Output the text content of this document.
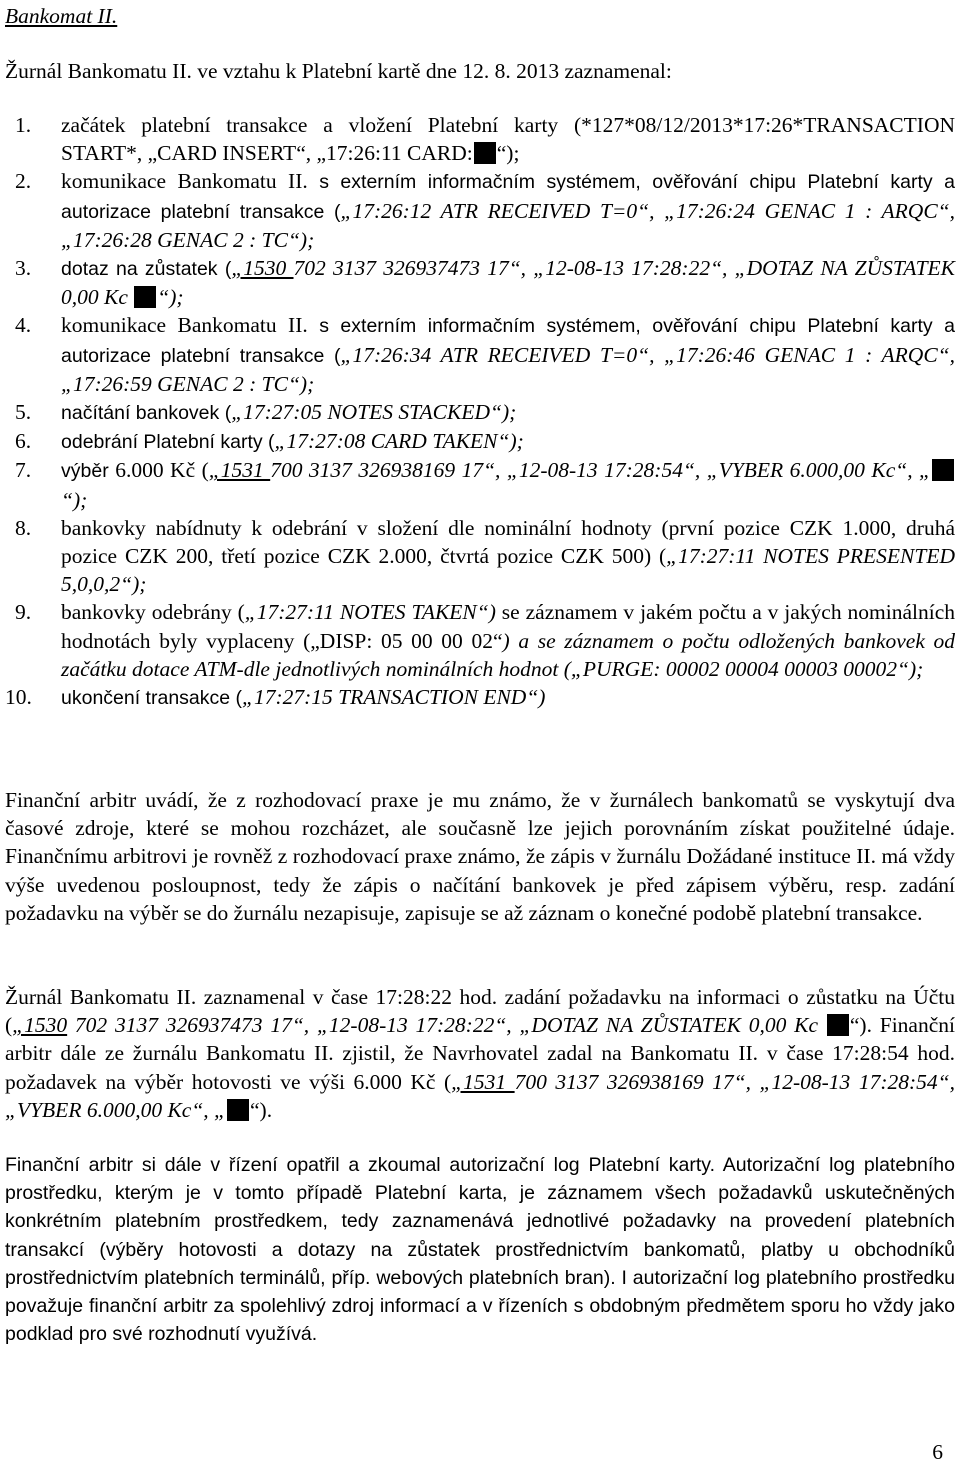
Bankomat II.
Žurnál Bankomatu II. ve vztahu k Platební kartě dne 12. 8. 2013 zaznamenal:
1. začátek platební transakce a vložení Platební karty (*127*08/12/2013*17:26*TRANSACTION START*, „CARD INSERT“, „17:26:11 CARD: “);
2. komunikace Bankomatu II. s externím informačním systémem, ověřování chipu Platební karty a autorizace platební transakce („17:26:12 ATR RECEIVED T=0“, „17:26:24 GENAC 1 : ARQC“, „17:26:28 GENAC 2 : TC“);
3. dotaz na zůstatek („1530 702 3137 326937473 17“, „12-08-13 17:28:22“, „DOTAZ NA ZŮSTATEK 0,00 Kc “);
4. komunikace Bankomatu II. s externím informačním systémem, ověřování chipu Platební karty a autorizace platební transakce („17:26:34 ATR RECEIVED T=0“, „17:26:46 GENAC 1 : ARQC“, „17:26:59 GENAC 2 : TC“);
5. načítání bankovek („17:27:05 NOTES STACKED“);
6. odebrání Platební karty („17:27:08 CARD TAKEN“);
7. výběr 6.000 Kč („1531 700 3137 326938169 17“, „12-08-13 17:28:54“, „VYBER 6.000,00 Kc“, „“);
8. bankovky nabídnuty k odebrání v složení dle nominální hodnoty (první pozice CZK 1.000, druhá pozice CZK 200, třetí pozice CZK 2.000, čtvrtá pozice CZK 500) („17:27:11 NOTES PRESENTED 5,0,0,2“);
9. bankovky odebrány („17:27:11 NOTES TAKEN“) se záznamem v jakém počtu a v jakých nominálních hodnotách byly vyplaceny („DISP: 05 00 00 02“) a se záznamem o počtu odložených bankovek od začátku dotace ATM-dle jednotlivých nominálních hodnot („PURGE: 00002 00004 00003 00002“);
10. ukončení transakce („17:27:15 TRANSACTION END“)

Finanční arbitr uvádí, že z rozhodovací praxe je mu známo, že v žurnálech bankomatů se vyskytují dva časové zdroje, které se mohou rozcházet, ale současně lze jejich porovnáním získat použitelné údaje. Finančnímu arbitrovi je rovněž z rozhodovací praxe známo, že zápis v žurnálu Dožádané instituce II. má vždy výše uvedenou posloupnost, tedy že zápis o načítání bankovek je před zápisem výběru, resp. zadání požadavku na výběr se do žurnálu nezapisuje, zapisuje se až záznam o konečné podobě platební transakce.

Žurnál Bankomatu II. zaznamenal v čase 17:28:22 hod. zadání požadavku na informaci o zůstatku na Účtu („1530 702 3137 326937473 17“, „12-08-13 17:28:22“, „DOTAZ NA ZŮSTATEK 0,00 Kc “). Finanční arbitr dále ze žurnálu Bankomatu II. zjistil, že Navrhovatel zadal na Bankomatu II. v čase 17:28:54 hod. požadavek na výběr hotovosti ve výši 6.000 Kč („1531 700 3137 326938169 17“, „12-08-13 17:28:54“, „VYBER 6.000,00 Kc“, „ “).

Finanční arbitr si dále v řízení opatřil a zkoumal autorizační log Platební karty. Autorizační log platebního prostředku, kterým je v tomto případě Platební karta, je záznamem všech požadavků uskutečněných konkrétním platebním prostředkem, tedy zaznamenává jednotlivé požadavky na provedení platebních transakcí (výběry hotovosti a dotazy na zůstatek prostřednictvím bankomatů, platby u obchodníků prostřednictvím platebních terminálů, příp. webových platebních bran). I autorizační log platebního prostředku považuje finanční arbitr za spolehlivý zdroj informací a v řízeních s obdobným předmětem sporu ho vždy jako podklad pro své rozhodnutí využívá.

6
